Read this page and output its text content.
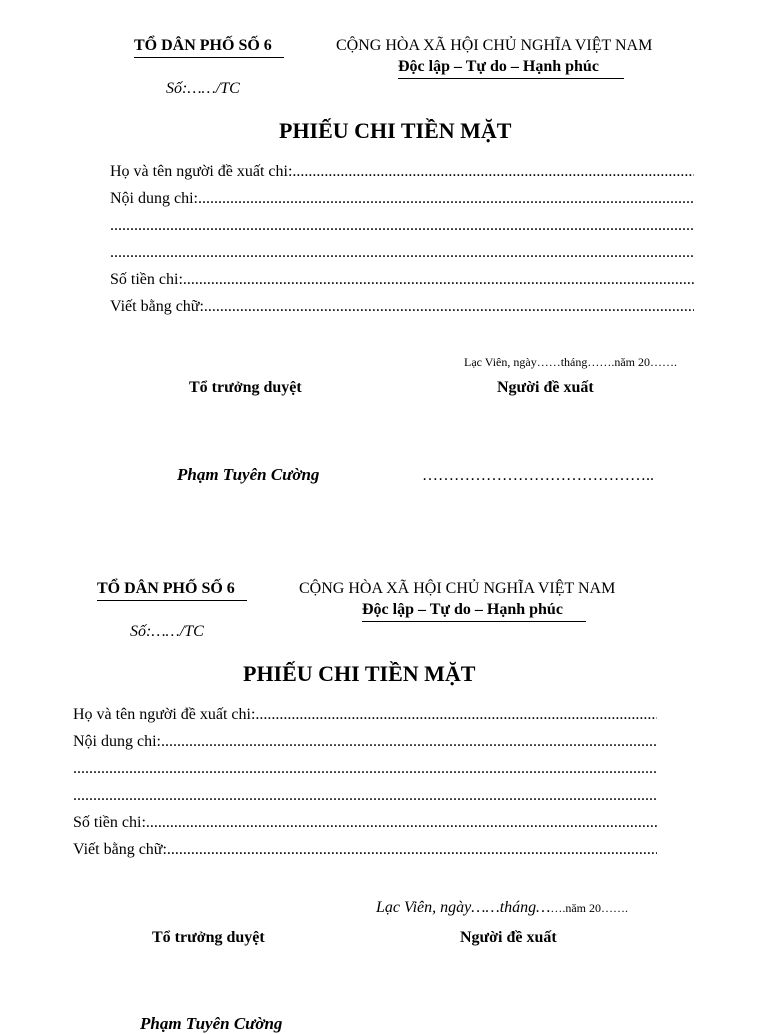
TỔ DÂN PHỐ SỐ 6
Số:……/TC
CỘNG HÒA XÃ HỘI CHỦ NGHĨA VIỆT NAM
Độc lập – Tự do – Hạnh phúc
PHIẾU CHI TIỀN MẶT
Họ và tên người đề xuất chi:
.....
Nội dung chi:
.....
.....
.....
Số tiền chi:
.....
Viết bằng chữ:
.....
Lạc Viên, ngày……tháng…….năm 20…….
Tổ trưởng duyệt	Người đề xuất
Phạm Tuyên Cường	……………………………………..
TỔ DÂN PHỐ SỐ 6
Số:……/TC
CỘNG HÒA XÃ HỘI CHỦ NGHĨA VIỆT NAM
Độc lập – Tự do – Hạnh phúc
PHIẾU CHI TIỀN MẶT
Họ và tên người đề xuất chi:
.....
Nội dung chi:
.....
.....
.....
Số tiền chi:
.....
Viết bằng chữ:
.....
Lạc Viên, ngày……tháng…….năm 20…….
Tổ trưởng duyệt	Người đề xuất
Phạm Tuyên Cường
